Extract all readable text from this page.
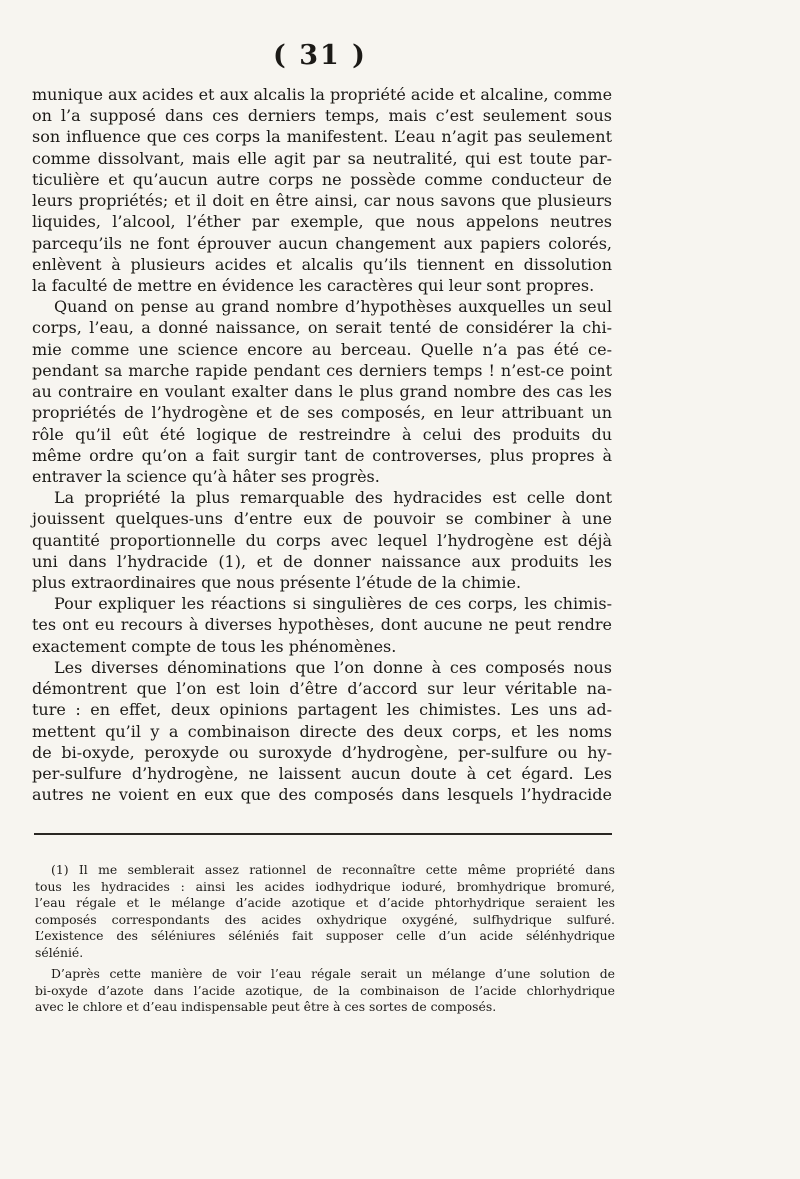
( 31 )
munique aux acides et aux alcalis la propriété acide et alcaline, comme
on l’a supposé dans ces derniers temps, mais c’est seulement sous
son influence que ces corps la manifestent. L’eau n’agit pas seulement
comme dissolvant, mais elle agit par sa neutralité, qui est toute par-
ticulière et qu’aucun autre corps ne possède comme conducteur de
leurs propriétés; et il doit en être ainsi, car nous savons que plusieurs
liquides, l’alcool, l’éther par exemple, que nous appelons neutres
parcequ’ils ne font éprouver aucun changement aux papiers colorés,
enlèvent à plusieurs acides et alcalis qu’ils tiennent en dissolution
la faculté de mettre en évidence les caractères qui leur sont propres.
Quand on pense au grand nombre d’hypothèses auxquelles un seul
corps, l’eau, a donné naissance, on serait tenté de considérer la chi-
mie comme une science encore au berceau. Quelle n’a pas été ce-
pendant sa marche rapide pendant ces derniers temps ! n’est-ce point
au contraire en voulant exalter dans le plus grand nombre des cas les
propriétés de l’hydrogène et de ses composés, en leur attribuant un
rôle qu’il eût été logique de restreindre à celui des produits du
même ordre qu’on a fait surgir tant de controverses, plus propres à
entraver la science qu’à hâter ses progrès.
La propriété la plus remarquable des hydracides est celle dont
jouissent quelques-uns d’entre eux de pouvoir se combiner à une
quantité proportionnelle du corps avec lequel l’hydrogène est déjà
uni dans l’hydracide (1), et de donner naissance aux produits les
plus extraordinaires que nous présente l’étude de la chimie.
Pour expliquer les réactions si singulières de ces corps, les chimis-
tes ont eu recours à diverses hypothèses, dont aucune ne peut rendre
exactement compte de tous les phénomènes.
Les diverses dénominations que l’on donne à ces composés nous
démontrent que l’on est loin d’être d’accord sur leur véritable na-
ture : en effet, deux opinions partagent les chimistes. Les uns ad-
mettent qu’il y a combinaison directe des deux corps, et les noms
de bi-oxyde, peroxyde ou suroxyde d’hydrogène, per-sulfure ou hy-
per-sulfure d’hydrogène, ne laissent aucun doute à cet égard. Les
autres ne voient en eux que des composés dans lesquels l’hydracide
(1) Il me semblerait assez rationnel de reconnaître cette même propriété dans
tous les hydracides : ainsi les acides iodhydrique ioduré, bromhydrique bromuré,
l’eau régale et le mélange d’acide azotique et d’acide phtorhydrique seraient les
composés correspondants des acides oxhydrique oxygéné, sulfhydrique sulfuré.
L’existence des séléniures séléniés fait supposer celle d’un acide sélénhydrique
sélénié.
D’après cette manière de voir l’eau régale serait un mélange d’une solution de
bi-oxyde d’azote dans l’acide azotique, de la combinaison de l’acide chlorhydrique
avec le chlore et d’eau indispensable peut être à ces sortes de composés.
